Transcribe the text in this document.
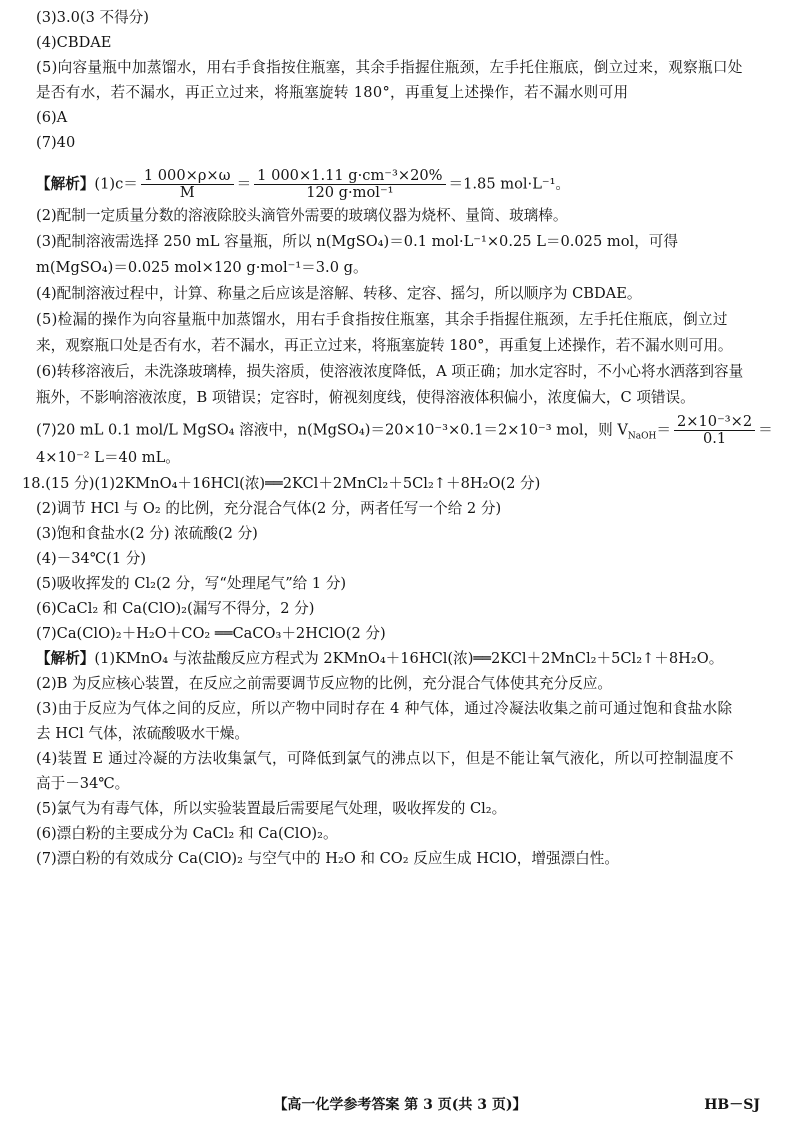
(3)3.0(3 不得分)
(4)CBDAE
(5)向容量瓶中加蒸馏水，用右手食指按住瓶塞，其余手指握住瓶颈，左手托住瓶底，倒立过来，观察瓶口处
是否有水，若不漏水，再正立过来，将瓶塞旋转 180°，再重复上述操作，若不漏水则可用
(6)A
(7)40
【解析】$(1)c= \frac{1 000\times\rho\times\omega}{M} = \frac{\text{1 000×1.11 g·cm⁻³×20\%}}{\text{120 g·mol⁻¹}} =1.85$ mol·L⁻¹。
(2)配制一定质量分数的溶液除胶头滴管外需要的玻璃仪器为烧杯、量筒、玻璃棒。
(3)配制溶液需选择 250 mL 容量瓶，所以 n(MgSO₄)＝0.1 mol·L⁻¹×0.25 L＝0.025 mol，可得
m(MgSO₄)＝0.025 mol×120 g·mol⁻¹＝3.0 g。
(4)配制溶液过程中，计算、称量之后应该是溶解、转移、定容、摇匀，所以顺序为 CBDAE。
(5)检漏的操作为向容量瓶中加蒸馏水，用右手食指按住瓶塞，其余手指握住瓶颈，左手托住瓶底，倒立过
来，观察瓶口处是否有水，若不漏水，再正立过来，将瓶塞旋转 180°，再重复上述操作，若不漏水则可用。
(6)转移溶液后，未洗涤玻璃棒，损失溶质，使溶液浓度降低，A 项正确；加水定容时，不小心将水洒落到容量
瓶外，不影响溶液浓度，B 项错误；定容时，俯视刻度线，使得溶液体积偏小，浓度偏大，C 项错误。
(7)20 mL 0.1 mol/L MgSO₄ 溶液中，n(MgSO₄)＝20×10⁻³×0.1＝2×10⁻³ mol，则 $V_{NaOH}= \frac{\text{2×10⁻³×2}}{0.1}$ ＝
4×10⁻² L＝40 mL。
18.(15 分)(1)2KMnO₄＋16HCl(浓)══2KCl＋2MnCl₂＋5Cl₂↑＋8H₂O(2 分)
(2)调节 HCl 与 O₂ 的比例，充分混合气体(2 分，两者任写一个给 2 分)
(3)饱和食盐水(2 分) 浓硫酸(2 分)
(4)－34℃(1 分)
(5)吸收挥发的 Cl₂(2 分，写“处理尾气”给 1 分)
(6)CaCl₂ 和 Ca(ClO)₂(漏写不得分，2 分)
(7)Ca(ClO)₂＋H₂O＋CO₂ ══CaCO₃＋2HClO(2 分)
【解析】(1)KMnO₄ 与浓盐酸反应方程式为 2KMnO₄＋16HCl(浓)══2KCl＋2MnCl₂＋5Cl₂↑＋8H₂O。
(2)B 为反应核心装置，在反应之前需要调节反应物的比例，充分混合气体使其充分反应。
(3)由于反应为气体之间的反应，所以产物中同时存在 4 种气体，通过冷凝法收集之前可通过饱和食盐水除
去 HCl 气体，浓硫酸吸水干燥。
(4)装置 E 通过冷凝的方法收集氯气，可降低到氯气的沸点以下，但是不能让氧气液化，所以可控制温度不
高于－34℃。
(5)氯气为有毒气体，所以实验装置最后需要尾气处理，吸收挥发的 Cl₂。
(6)漂白粉的主要成分为 CaCl₂ 和 Ca(ClO)₂。
(7)漂白粉的有效成分 Ca(ClO)₂ 与空气中的 H₂O 和 CO₂ 反应生成 HClO，增强漂白性。
【高一化学参考答案 第 3 页(共 3 页)】	HB－SJ
